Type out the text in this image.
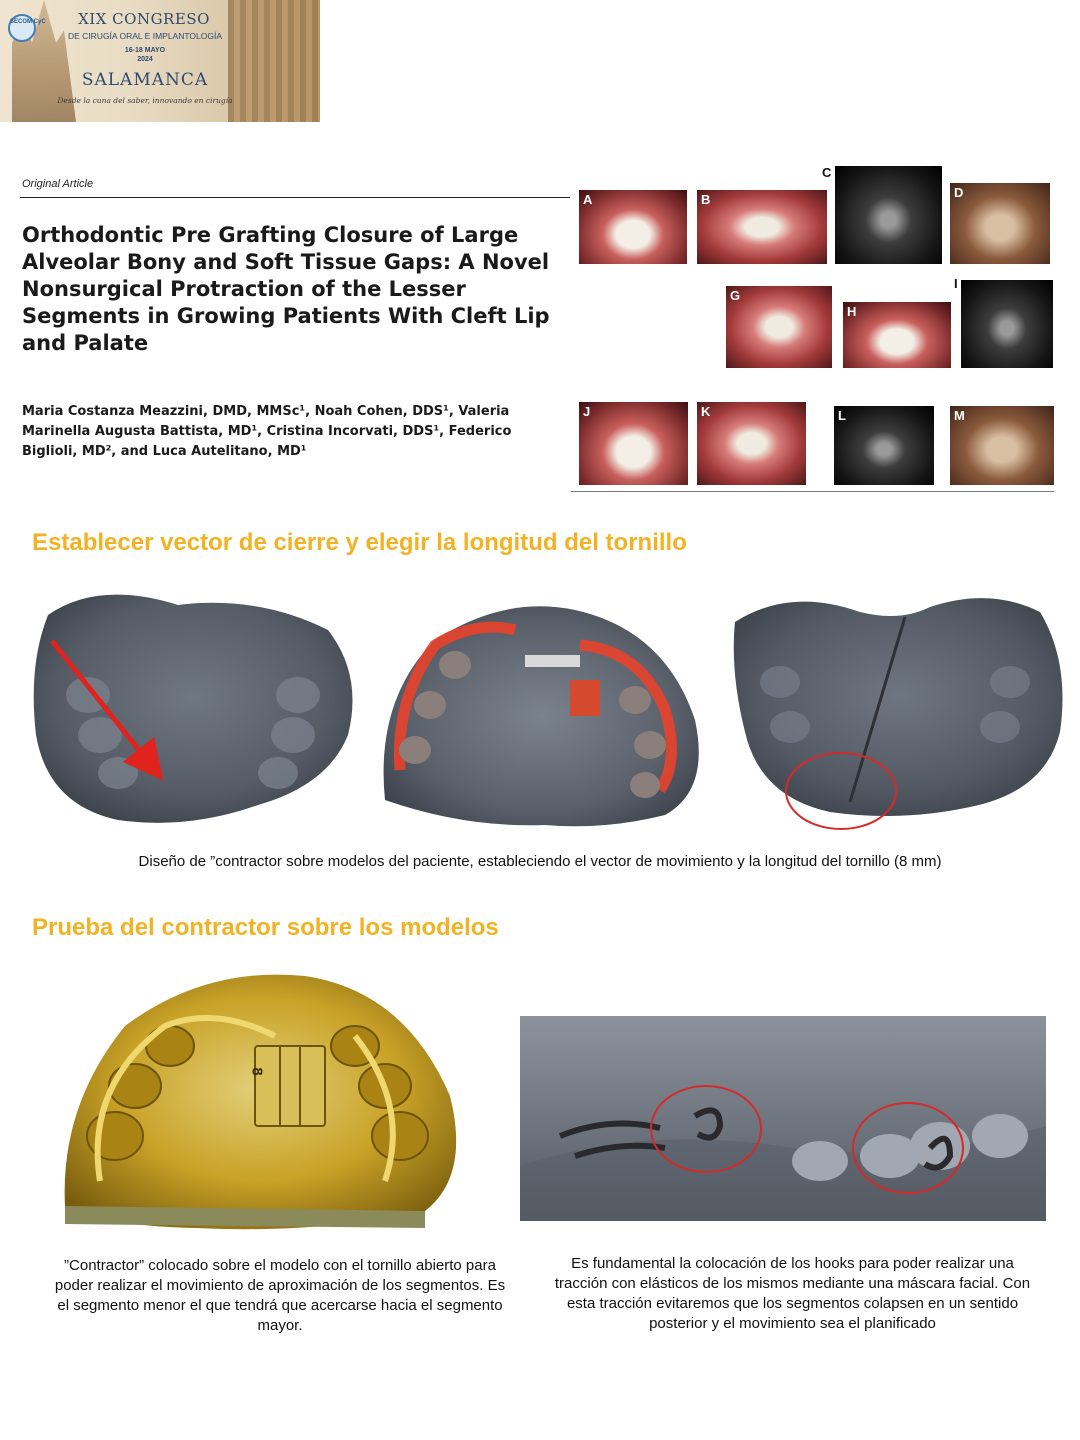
SECOM CyC	XIX CONGRESO
DE CIRUGÍA ORAL E IMPLANTOLOGÍA
16-18 MAYO
2024
SALAMANCA
Desde la cuna del saber, innovando en cirugía
Original Article
Orthodontic Pre Grafting Closure of Large Alveolar Bony and Soft Tissue Gaps: A Novel Nonsurgical Protraction of the Lesser Segments in Growing Patients With Cleft Lip and Palate
Maria Costanza Meazzini, DMD, MMSc¹, Noah Cohen, DDS¹, Valeria Marinella Augusta Battista, MD¹, Cristina Incorvati, DDS¹, Federico Biglioli, MD², and Luca Autelitano, MD¹
A	B
C
D
G
H
I
J	K	L	M
Establecer vector de cierre y elegir la longitud del tornillo
Diseño de ”contractor sobre modelos del paciente, estableciendo el vector de movimiento y la longitud del tornillo (8 mm)
Prueba del contractor sobre los modelos
8
”Contractor” colocado sobre el modelo con el tornillo abierto para poder realizar el movimiento de aproximación de los segmentos. Es el segmento menor el que tendrá que acercarse hacia el segmento mayor.
Es fundamental la colocación de los hooks para poder realizar una tracción con elásticos de los mismos mediante una máscara facial. Con esta tracción evitaremos que los segmentos colapsen en un sentido posterior y el movimiento sea el planificado
